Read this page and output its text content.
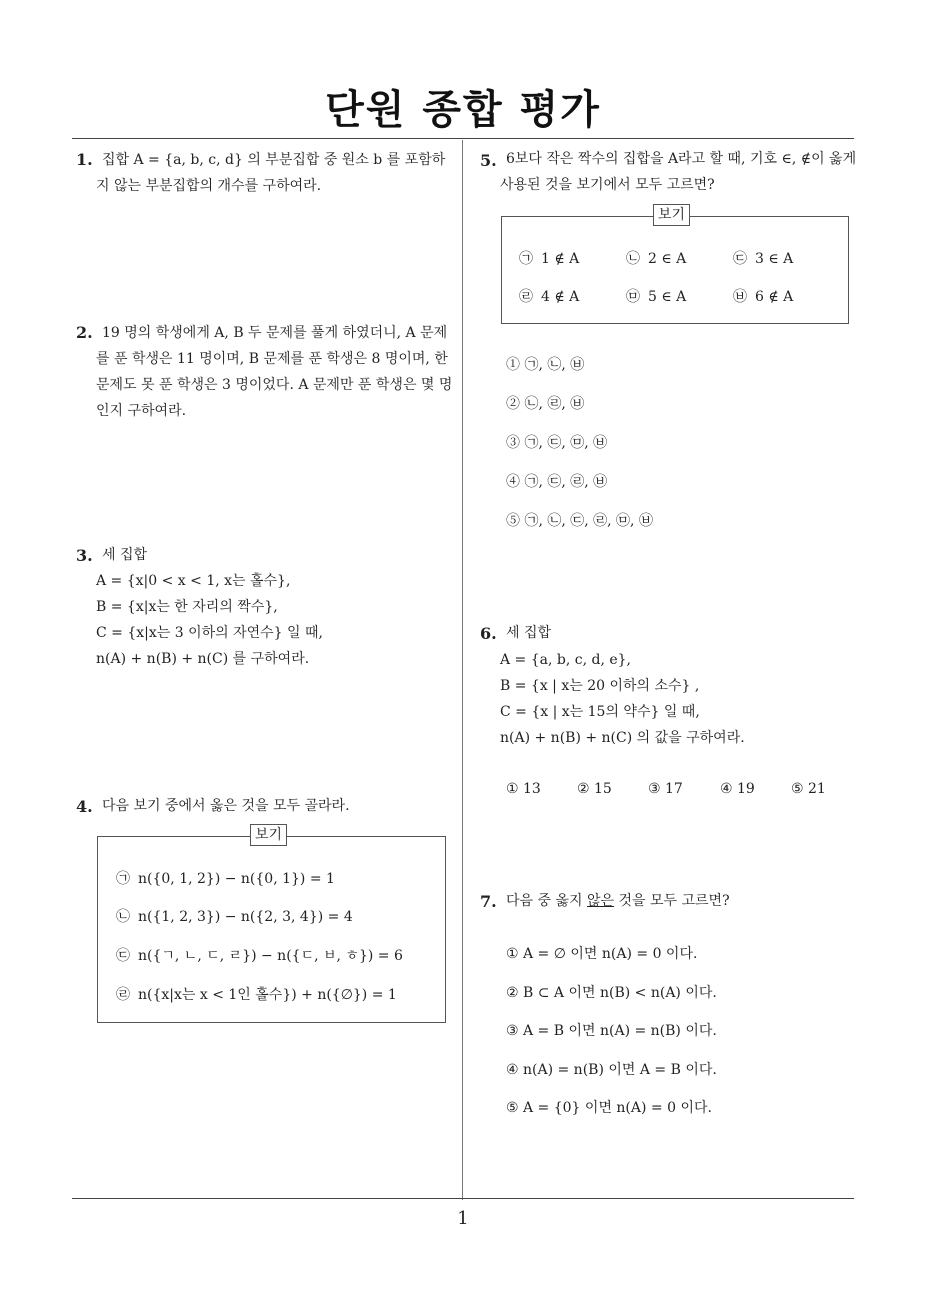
단원 종합 평가
1
1. 집합 A = {a, b, c, d} 의 부분집합 중 원소 b 를 포함하지 않는 부분집합의 개수를 구하여라.
2. 19 명의 학생에게 A, B 두 문제를 풀게 하였더니, A 문제를 푼 학생은 11 명이며, B 문제를 푼 학생은 8 명이며, 한 문제도 못 푼 학생은 3 명이었다. A 문제만 푼 학생은 몇 명인지 구하여라.
3. 세 집합
A = {x|0 < x < 1, x는 홀수},
B = {x|x는 한 자리의 짝수},
C = {x|x는 3 이하의 자연수} 일 때,
n(A) + n(B) + n(C) 를 구하여라.
4. 다음 보기 중에서 옳은 것을 모두 골라라.
보기
㉠ n({0, 1, 2}) − n({0, 1}) = 1
㉡ n({1, 2, 3}) − n({2, 3, 4}) = 4
㉢ n({ㄱ, ㄴ, ㄷ, ㄹ}) − n({ㄷ, ㅂ, ㅎ}) = 6
㉣ n({x|x는 x < 1인 홀수}) + n({∅}) = 1
5. 6보다 작은 짝수의 집합을 A라고 할 때, 기호 ∈, ∉이 옳게 사용된 것을 보기에서 모두 고르면?
보기
㉠ 1 ∉ A	㉡ 2 ∈ A	㉢ 3 ∈ A
㉣ 4 ∉ A	㉤ 5 ∈ A	㉥ 6 ∉ A
① ㉠, ㉡, ㉥
② ㉡, ㉣, ㉥
③ ㉠, ㉢, ㉤, ㉥
④ ㉠, ㉢, ㉣, ㉥
⑤ ㉠, ㉡, ㉢, ㉣, ㉤, ㉥
6. 세 집합
A = {a, b, c, d, e},
B = {x | x는 20 이하의 소수} ,
C = {x | x는 15의 약수} 일 때,
n(A) + n(B) + n(C) 의 값을 구하여라.
① 13	② 15	③ 17	④ 19	⑤ 21
7. 다음 중 옳지 않은 것을 모두 고르면?
① A = ∅ 이면 n(A) = 0 이다.
② B ⊂ A 이면 n(B) < n(A) 이다.
③ A = B 이면 n(A) = n(B) 이다.
④ n(A) = n(B) 이면 A = B 이다.
⑤ A = {0} 이면 n(A) = 0 이다.
